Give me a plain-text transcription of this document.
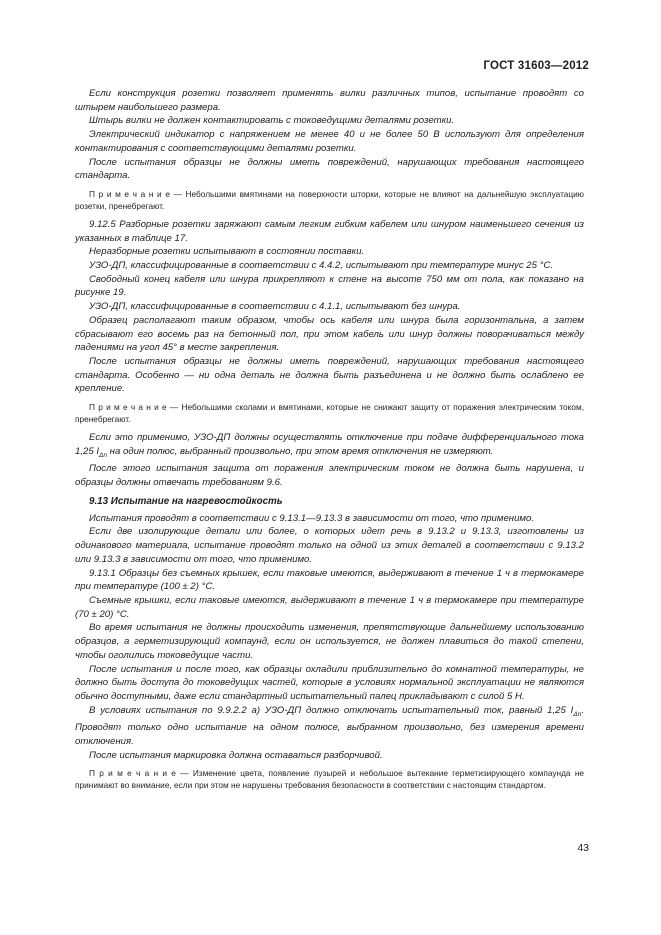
ГОСТ 31603—2012

Если конструкция розетки позволяет применять вилки различных типов, испытание проводят со штырем наибольшего размера.

Штырь вилки не должен контактировать с токоведущими деталями розетки.

Электрический индикатор с напряжением не менее 40 и не более 50 В используют для определения контактирования с соответствующими деталями розетки.

После испытания образцы не должны иметь повреждений, нарушающих требования настоящего стандарта.

П р и м е ч а н и е — Небольшими вмятинами на поверхности шторки, которые не влияют на дальнейшую эксплуатацию розетки, пренебрегают.

9.12.5 Разборные розетки заряжают самым легким гибким кабелем или шнуром наименьшего сечения из указанных в таблице 17.

Неразборные розетки испытывают в состоянии поставки.

УЗО-ДП, классифицированные в соответствии с 4.4.2, испытывают при температуре минус 25 °С.

Свободный конец кабеля или шнура прикрепляют к стене на высоте 750 мм от пола, как показано на рисунке 19.

УЗО-ДП, классифицированные в соответствии с 4.1.1, испытывают без шнура.

Образец располагают таким образом, чтобы ось кабеля или шнура была горизонтальна, а затем сбрасывают его восемь раз на бетонный пол, при этом кабель или шнур должны поворачиваться между падениями на угол 45° в месте закрепления.

После испытания образцы не должны иметь повреждений, нарушающих требования настоящего стандарта. Особенно — ни одна деталь не должна быть разъединена и не должно быть ослаблено ее крепление.

П р и м е ч а н и е — Небольшими сколами и вмятинами, которые не снижают защиту от поражения электрическим током, пренебрегают.

Если это применимо, УЗО-ДП должны осуществлять отключение при подаче дифференциального тока 1,25 $I_{\Delta n}$ на один полюс, выбранный произвольно, при этом время отключения не измеряют.

После этого испытания защита от поражения электрическим током не должна быть нарушена, и образцы должны отвечать требованиям 9.6.

9.13 Испытание на нагревостойкость

Испытания проводят в соответствии с 9.13.1—9.13.3 в зависимости от того, что применимо.

Если две изолирующие детали или более, о которых идет речь в 9.13.2 и 9.13.3, изготовлены из одинакового материала, испытание проводят только на одной из этих деталей в соответствии с 9.13.2 или 9.13.3 в зависимости от того, что применимо.

9.13.1 Образцы без съемных крышек, если таковые имеются, выдерживают в течение 1 ч в термокамере при температуре (100 ± 2) °С.

Съемные крышки, если таковые имеются, выдерживают в течение 1 ч в термокамере при температуре (70 ± 20) °С.

Во время испытания не должны происходить изменения, препятствующие дальнейшему использованию образцов, а герметизирующий компаунд, если он используется, не должен плавиться до такой степени, чтобы оголились токоведущие части.

После испытания и после того, как образцы охладили приблизительно до комнатной температуры, не должно быть доступа до токоведущих частей, которые в условиях нормальной эксплуатации не являются обычно доступными, даже если стандартный испытательный палец прикладывают с силой 5 Н.

В условиях испытания по 9.9.2.2 а) УЗО-ДП должно отключать испытательный ток, равный 1,25 $I_{\Delta n}$. Проводят только одно испытание на одном полюсе, выбранном произвольно, без измерения времени отключения.

После испытания маркировка должна оставаться разборчивой.

П р и м е ч а н и е — Изменение цвета, появление пузырей и небольшое вытекание герметизирующего компаунда не принимают во внимание, если при этом не нарушены требования безопасности в соответствии с настоящим стандартом.

43
